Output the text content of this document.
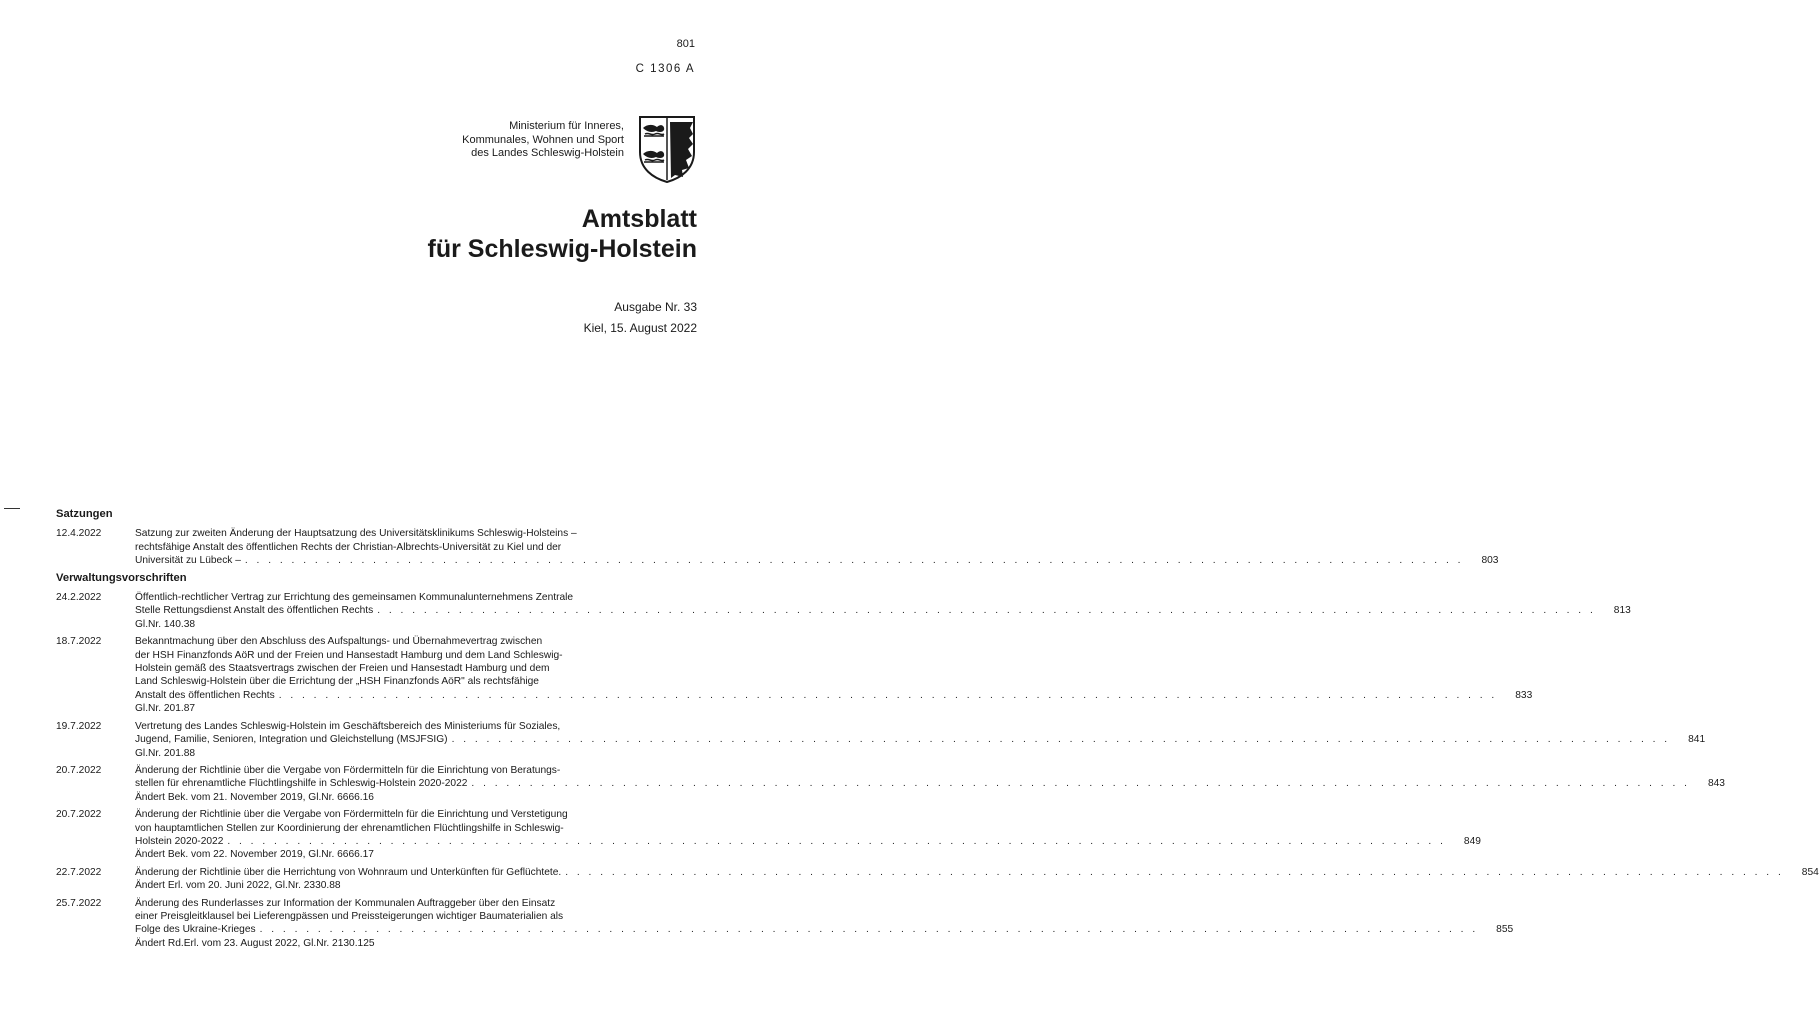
801
C 1306 A
Ministerium für Inneres,
Kommunales, Wohnen und Sport
des Landes Schleswig-Holstein
Amtsblatt
für Schleswig-Holstein
Ausgabe Nr. 33
Kiel, 15. August 2022
Satzungen
12.4.2022	Satzung zur zweiten Änderung der Hauptsatzung des Universitätsklinikums Schleswig-Holsteins –
rechtsfähige Anstalt des öffentlichen Rechts der Christian-Albrechts-Universität zu Kiel und der
Universität zu Lübeck –
. . .	803
Verwaltungsvorschriften
24.2.2022	Öffentlich-rechtlicher Vertrag zur Errichtung des gemeinsamen Kommunalunternehmens Zentrale
Stelle Rettungsdienst Anstalt des öffentlichen Rechts
. . .
Gl.Nr. 140.38
813
18.7.2022	Bekanntmachung über den Abschluss des Aufspaltungs- und Übernahmevertrag zwischen
der HSH Finanzfonds AöR und der Freien und Hansestadt Hamburg und dem Land Schleswig-
Holstein gemäß des Staatsvertrags zwischen der Freien und Hansestadt Hamburg und dem
Land Schleswig-Holstein über die Errichtung der „HSH Finanzfonds AöR" als rechtsfähige
Anstalt des öffentlichen Rechts
. . .
Gl.Nr. 201.87
833
19.7.2022	Vertretung des Landes Schleswig-Holstein im Geschäftsbereich des Ministeriums für Soziales,
Jugend, Familie, Senioren, Integration und Gleichstellung (MSJFSIG)
. . .
Gl.Nr. 201.88
841
20.7.2022	Änderung der Richtlinie über die Vergabe von Fördermitteln für die Einrichtung von Beratungs-
stellen für ehrenamtliche Flüchtlingshilfe in Schleswig-Holstein 2020-2022
. . .
Ändert Bek. vom 21. November 2019, Gl.Nr. 6666.16
843
20.7.2022	Änderung der Richtlinie über die Vergabe von Fördermitteln für die Einrichtung und Verstetigung
von hauptamtlichen Stellen zur Koordinierung der ehrenamtlichen Flüchtlingshilfe in Schleswig-
Holstein 2020-2022
. . .
Ändert Bek. vom 22. November 2019, Gl.Nr. 6666.17
849
22.7.2022	Änderung der Richtlinie über die Herrichtung von Wohnraum und Unterkünften für Geflüchtete.
. . .
Ändert Erl. vom 20. Juni 2022, Gl.Nr. 2330.88
854
25.7.2022	Änderung des Runderlasses zur Information der Kommunalen Auftraggeber über den Einsatz
einer Preisgleitklausel bei Lieferengpässen und Preissteigerungen wichtiger Baumaterialien als
Folge des Ukraine-Krieges
. . .
Ändert Rd.Erl. vom 23. August 2022, Gl.Nr. 2130.125
855
